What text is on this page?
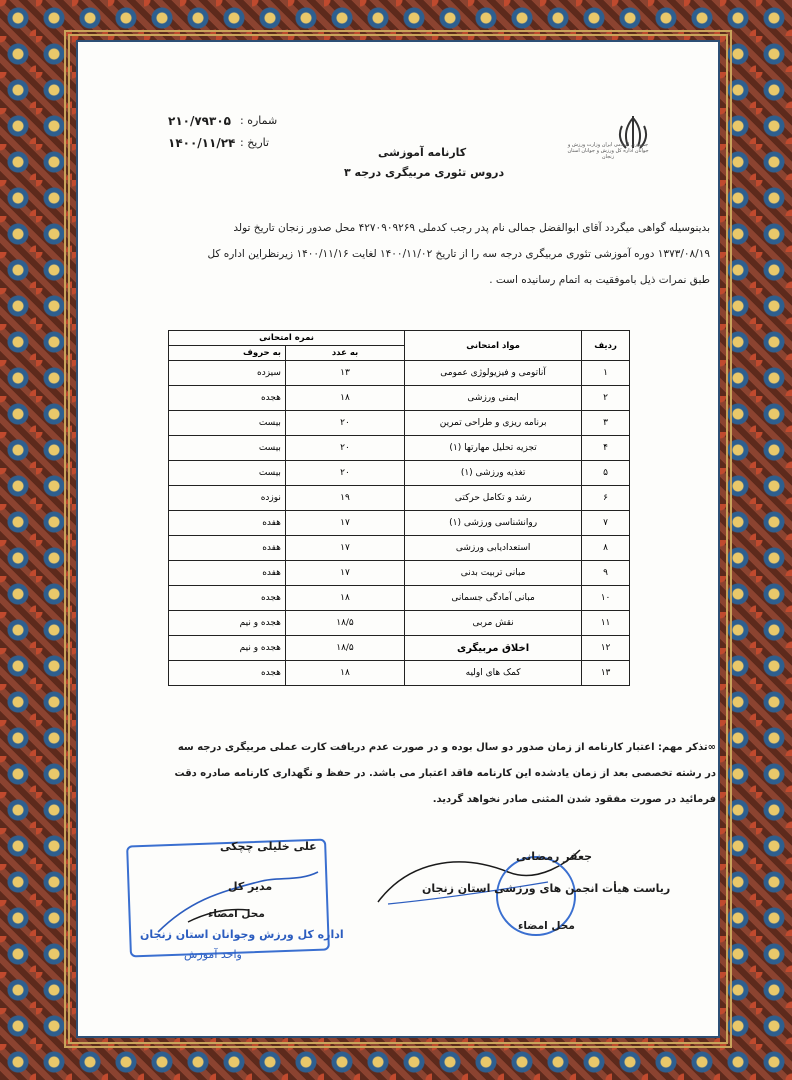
جمهوری اسلامی ایران وزارت ورزش و جوانان اداره کل ورزش و جوانان استان زنجان
شماره :
۲۱۰/۷۹۳۰۵
تاریخ :
۱۴۰۰/۱۱/۲۴
کارنامه آموزشی
دروس تئوری مربیگری درجه ۳
بدینوسیله گواهی میگردد آقای ابوالفضل جمالی نام پدر رجب کدملی ۴۲۷۰۹۰۹۲۶۹ محل صدور زنجان تاریخ تولد
۱۳۷۳/۰۸/۱۹ دوره آموزشی تئوری مربیگری درجه سه را از تاریخ ۱۴۰۰/۱۱/۰۲ لغایت ۱۴۰۰/۱۱/۱۶ زیرنظراین اداره کل
طبق نمرات ذیل باموفقیت به اتمام رسانیده است .
ردیف	مواد امتحانی	نمره امتحانی	
		به عدد	به حروف
۱	آناتومی و فیزیولوژی عمومی	۱۳	سیزده
۲	ایمنی ورزشی	۱۸	هجده
۳	برنامه ریزی و طراحی تمرین	۲۰	بیست
۴	تجزیه تحلیل مهارتها (۱)	۲۰	بیست
۵	تغذیه ورزشی (۱)	۲۰	بیست
۶	رشد و تکامل حرکتی	۱۹	نوزده
۷	روانشناسی ورزشی (۱)	۱۷	هفده
۸	استعدادیابی ورزشی	۱۷	هفده
۹	مبانی تربیت بدنی	۱۷	هفده
۱۰	مبانی آمادگی جسمانی	۱۸	هجده
۱۱	نقش مربی	۱۸/۵	هجده و نیم
۱۲	اخلاق مربیگری	۱۸/۵	هجده و نیم
۱۳	کمک های اولیه	۱۸	هجده
∞تذکر مهم: اعتبار کارنامه از زمان صدور دو سال بوده و در صورت عدم دریافت کارت عملی مربیگری درجه سه
در رشته تخصصی بعد از زمان یادشده این کارنامه فاقد اعتبار می باشد. در حفظ و نگهداری کارنامه صادره دقت
فرمائید در صورت مفقود شدن المثنی صادر نخواهد گردید.
جعفر رمضانی
ریاست هیأت انجمن های ورزشی استان زنجان
محل امضاء
علی خلیلی چچکی
مدیر کل
محل امضاء
اداره کل ورزش وجوانان استان زنجان
واحد آموزش
